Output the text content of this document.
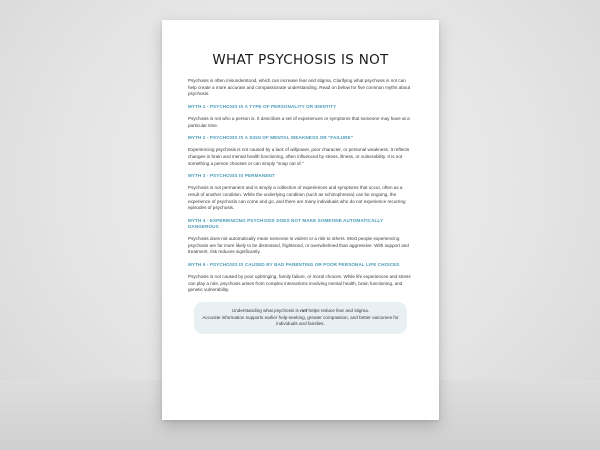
WHAT PSYCHOSIS IS NOT

Psychosis is often misunderstood, which can increase fear and stigma. Clarifying what psychosis is not can help create a more accurate and compassionate understanding. Read on below for five common myths about psychosis.

MYTH 1 - PSYCHOSIS IS A TYPE OF PERSONALITY OR IDENTITY

Psychosis is not who a person is. It describes a set of experiences or symptoms that someone may have at a particular time.

MYTH 2 - PSYCHOSIS IS A SIGN OF MENTAL WEAKNESS OR "FAILURE"

Experiencing psychosis is not caused by a lack of willpower, poor character, or personal weakness. It reflects changes in brain and mental health functioning, often influenced by stress, illness, or vulnerability. It is not something a person chooses or can simply "snap out of."

MYTH 3 - PSYCHOSIS IS PERMANENT

Psychosis is not permanent and is simply a collection of experiences and symptoms that occur, often as a result of another condition. While the underlying condition (such as schizophrenia) can be ongoing, the experience of psychosis can come and go, and there are many individuals who do not experience recurring episodes of psychosis.

MYTH 4 - EXPERIENCING PSYCHOSIS DOES NOT MAKE SOMEONE AUTOMATICALLY DANGEROUS

Psychosis does not automatically mean someone is violent or a risk to others. Most people experiencing psychosis are far more likely to be distressed, frightened, or overwhelmed than aggressive. With support and treatment, risk reduces significantly.

MYTH 5 - PSYCHOSIS IS CAUSED BY BAD PARENTING OR POOR PERSONAL LIFE CHOICES

Psychosis is not caused by poor upbringing, family failure, or moral choices. While life experiences and stress can play a role, psychosis arises from complex interactions involving mental health, brain functioning, and genetic vulnerability.

Understanding what psychosis is not helps reduce fear and stigma.
Accurate information supports earlier help-seeking, greater compassion, and better outcomes for individuals and families.
